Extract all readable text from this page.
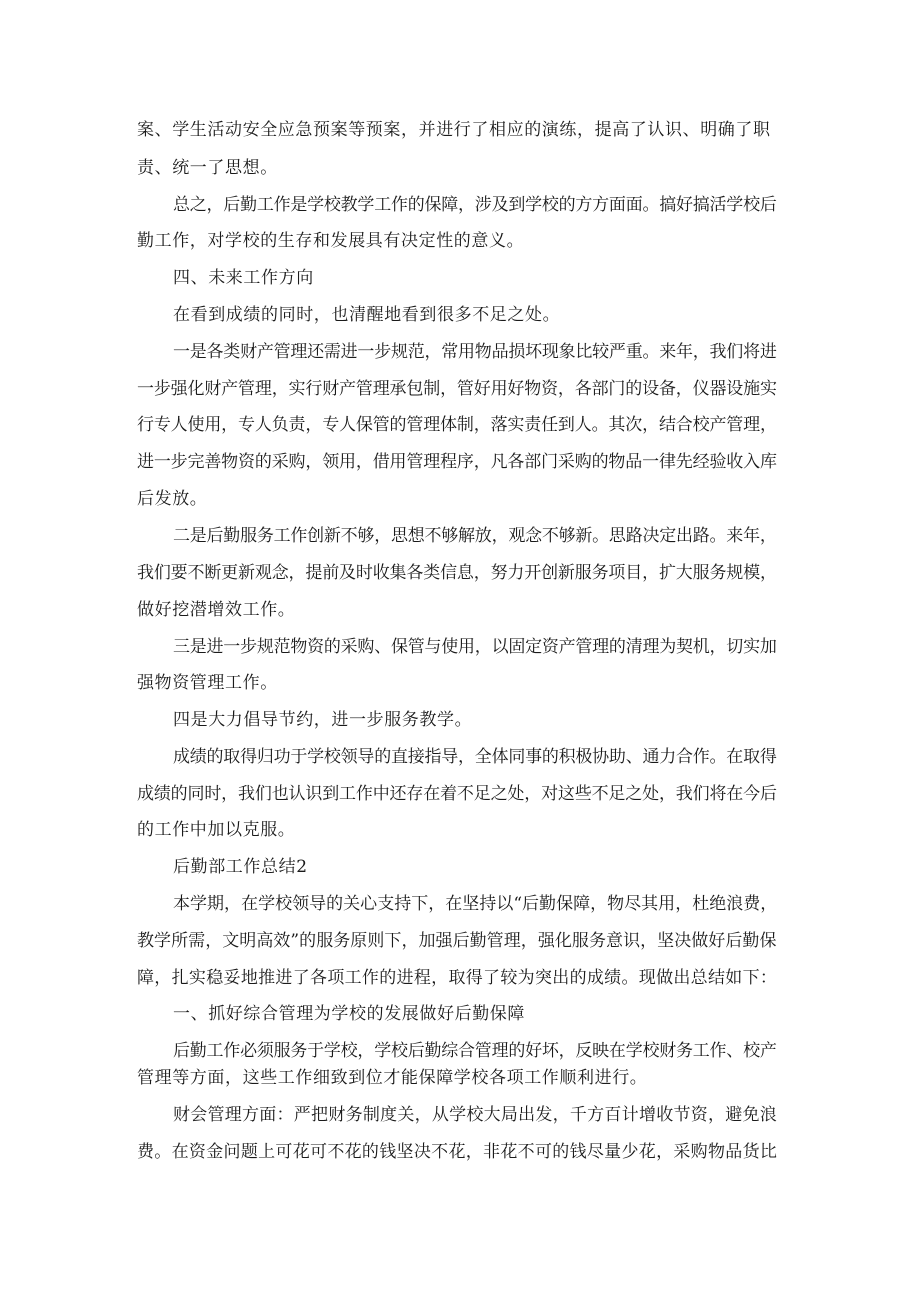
案、学生活动安全应急预案等预案，并进行了相应的演练，提高了认识、明确了职
责、统一了思想。
总之，后勤工作是学校教学工作的保障，涉及到学校的方方面面。搞好搞活学校后
勤工作，对学校的生存和发展具有决定性的意义。
四、未来工作方向
在看到成绩的同时，也清醒地看到很多不足之处。
一是各类财产管理还需进一步规范，常用物品损坏现象比较严重。来年，我们将进
一步强化财产管理，实行财产管理承包制，管好用好物资，各部门的设备，仪器设施实
行专人使用，专人负责，专人保管的管理体制，落实责任到人。其次，结合校产管理，
进一步完善物资的采购，领用，借用管理程序，凡各部门采购的物品一律先经验收入库
后发放。
二是后勤服务工作创新不够，思想不够解放，观念不够新。思路决定出路。来年，
我们要不断更新观念，提前及时收集各类信息，努力开创新服务项目，扩大服务规模，
做好挖潜增效工作。
三是进一步规范物资的采购、保管与使用，以固定资产管理的清理为契机，切实加
强物资管理工作。
四是大力倡导节约，进一步服务教学。
成绩的取得归功于学校领导的直接指导，全体同事的积极协助、通力合作。在取得
成绩的同时，我们也认识到工作中还存在着不足之处，对这些不足之处，我们将在今后
的工作中加以克服。
后勤部工作总结2
本学期，在学校领导的关心支持下，在坚持以“后勤保障，物尽其用，杜绝浪费，
教学所需，文明高效”的服务原则下，加强后勤管理，强化服务意识，坚决做好后勤保
障，扎实稳妥地推进了各项工作的进程，取得了较为突出的成绩。现做出总结如下：
一、抓好综合管理为学校的发展做好后勤保障
后勤工作必须服务于学校，学校后勤综合管理的好坏，反映在学校财务工作、校产
管理等方面，这些工作细致到位才能保障学校各项工作顺利进行。
财会管理方面：严把财务制度关，从学校大局出发，千方百计增收节资，避免浪
费。在资金问题上可花可不花的钱坚决不花，非花不可的钱尽量少花，采购物品货比
